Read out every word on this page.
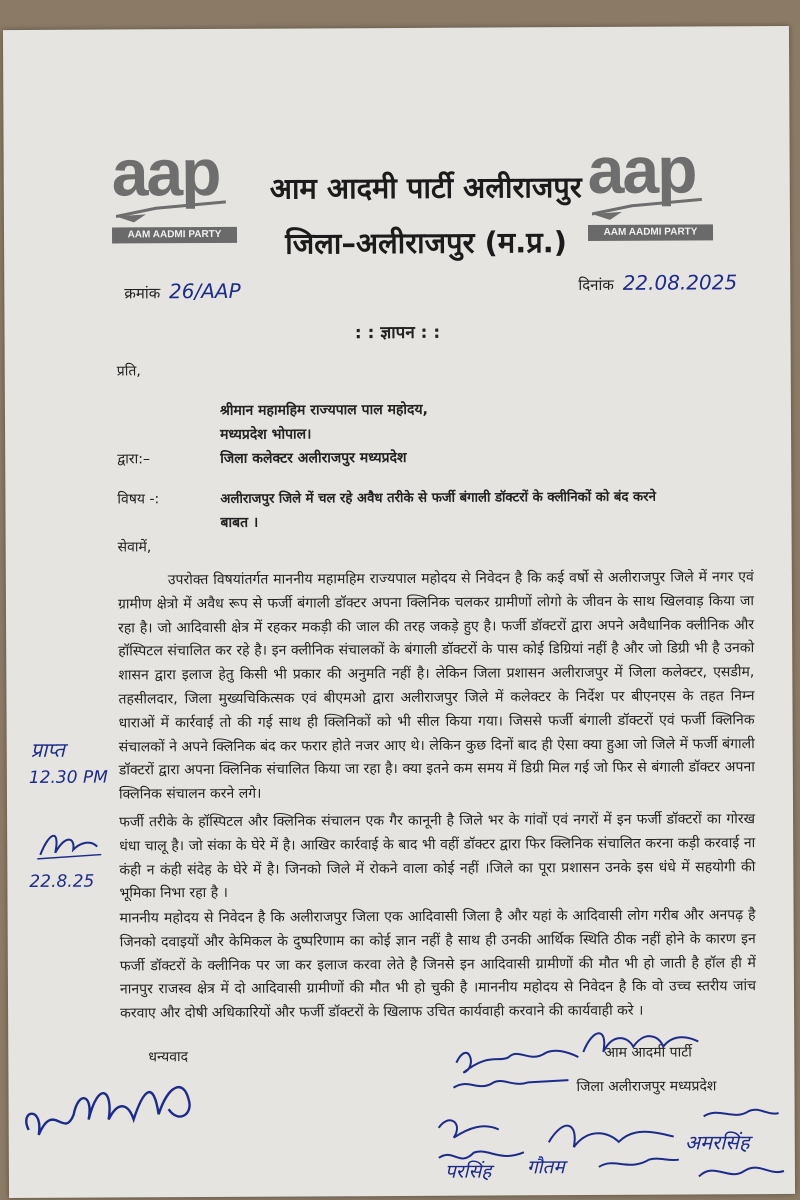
aap
AAM AADMI PARTY
आम आदमी पार्टी अलीराजपुर
जिला–अलीराजपुर (म.प्र.)
aap
AAM AADMI PARTY
क्रमांक 26/AAP	दिनांक 22.08.2025
: : ज्ञापन : :
प्रति,
श्रीमान महामहिम राज्यपाल पाल महोदय,
मध्यप्रदेश भोपाल।
द्वारा:–	जिला कलेक्टर अलीराजपुर मध्यप्रदेश
विषय -:	अलीराजपुर जिले में चल रहे अवैध तरीके से फर्जी बंगाली डॉक्टरों के क्लीनिकों को बंद करने
बाबत ।
सेवामें,
उपरोक्त विषयांतर्गत माननीय महामहिम राज्यपाल महोदय से निवेदन है कि कई वर्षो से अलीराजपुर जिले में नगर एवं ग्रामीण क्षेत्रो में अवैध रूप से फर्जी बंगाली डॉक्टर अपना क्लिनिक चलकर ग्रामीणों लोगो के जीवन के साथ खिलवाड़ किया जा रहा है। जो आदिवासी क्षेत्र में रहकर मकड़ी की जाल की तरह जकड़े हुए है। फर्जी डॉक्टरों द्वारा अपने अवैधानिक क्लीनिक और हॉस्पिटल संचालित कर रहे है। इन क्लीनिक संचालकों के बंगाली डॉक्टरों के पास कोई डिग्रियां नहीं है और जो डिग्री भी है उनको शासन द्वारा इलाज हेतु किसी भी प्रकार की अनुमति नहीं है। लेकिन जिला प्रशासन अलीराजपुर में जिला कलेक्टर, एसडीम, तहसीलदार, जिला मुख्यचिकित्सक एवं बीएमओ द्वारा अलीराजपुर जिले में कलेक्टर के निर्देश पर बीएनएस के तहत निम्न धाराओं में कार्रवाई तो की गई साथ ही क्लिनिकों को भी सील किया गया। जिससे फर्जी बंगाली डॉक्टरों एवं फर्जी क्लिनिक संचालकों ने अपने क्लिनिक बंद कर फरार होते नजर आए थे। लेकिन कुछ दिनों बाद ही ऐसा क्या हुआ जो जिले में फर्जी बंगाली डॉक्टरों द्वारा अपना क्लिनिक संचालित किया जा रहा है। क्या इतने कम समय में डिग्री मिल गई जो फिर से बंगाली डॉक्टर अपना क्लिनिक संचालन करने लगे।
फर्जी तरीके के हॉस्पिटल और क्लिनिक संचालन एक गैर कानूनी है जिले भर के गांवों एवं नगरों में इन फर्जी डॉक्टरों का गोरख धंधा चालू है। जो संका के घेरे में है। आखिर कार्रवाई के बाद भी वहीं डॉक्टर द्वारा फिर क्लिनिक संचालित करना कड़ी करवाई ना कंही न कंही संदेह के घेरे में है। जिनको जिले में रोकने वाला कोई नहीं ।जिले का पूरा प्रशासन उनके इस धंधे में सहयोगी की भूमिका निभा रहा है ।
माननीय महोदय से निवेदन है कि अलीराजपुर जिला एक आदिवासी जिला है और यहां के आदिवासी लोग गरीब और अनपढ़ है जिनको दवाइयों और केमिकल के दुष्परिणाम का कोई ज्ञान नहीं है साथ ही उनकी आर्थिक स्थिति ठीक नहीं होने के कारण इन फर्जी डॉक्टरों के क्लीनिक पर जा कर इलाज करवा लेते है जिनसे इन आदिवासी ग्रामीणों की मौत भी हो जाती है हॉल ही में नानपुर राजस्व क्षेत्र में दो आदिवासी ग्रामीणों की मौत भी हो चुकी है ।माननीय महोदय से निवेदन है कि वो उच्च स्तरीय जांच करवाए और दोषी अधिकारियों और फर्जी डॉक्टरों के खिलाफ उचित कार्यवाही करवाने की कार्यवाही करे ।
प्राप्त
12.30 PM
22.8.25
धन्यवाद	आम आदमी पार्टी
जिला अलीराजपुर मध्यप्रदेश
परसिंह गौतम
अमरसिंह
